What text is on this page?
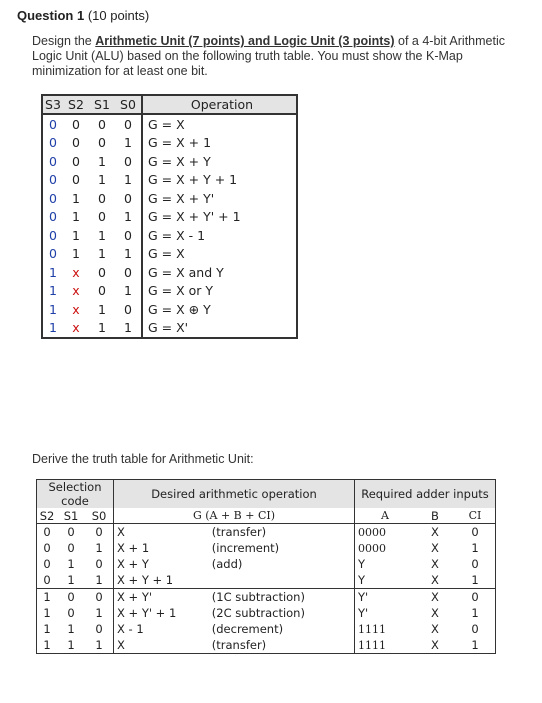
Question 1 (10 points)
Design the Arithmetic Unit (7 points) and Logic Unit (3 points) of a 4-bit Arithmetic Logic Unit (ALU) based on the following truth table. You must show the K-Map minimization for at least one bit.
S3	S2	S1	S0	Operation
0	0	0	0	G = X
0	0	0	1	G = X + 1
0	0	1	0	G = X + Y
0	0	1	1	G = X + Y + 1
0	1	0	0	G = X + Y'
0	1	0	1	G = X + Y' + 1
0	1	1	0	G = X - 1
0	1	1	1	G = X
1	x	0	0	G = X and Y
1	x	0	1	G = X or Y
1	x	1	0	G = X ⊕ Y
1	x	1	1	G = X'
Derive the truth table for Arithmetic Unit:
Selection code			Desired arithmetic operation		Required adder inputs		
S2	S1	S0	G (A + B + CI)		A	B	CI
0	0	0	X	(transfer)	0000	X	0
0	0	1	X + 1	(increment)	0000	X	1
0	1	0	X + Y	(add)	Y	X	0
0	1	1	X + Y + 1		Y	X	1
1	0	0	X + Y'	(1C subtraction)	Y'	X	0
1	0	1	X + Y' + 1	(2C subtraction)	Y'	X	1
1	1	0	X - 1	(decrement)	1111	X	0
1	1	1	X	(transfer)	1111	X	1
